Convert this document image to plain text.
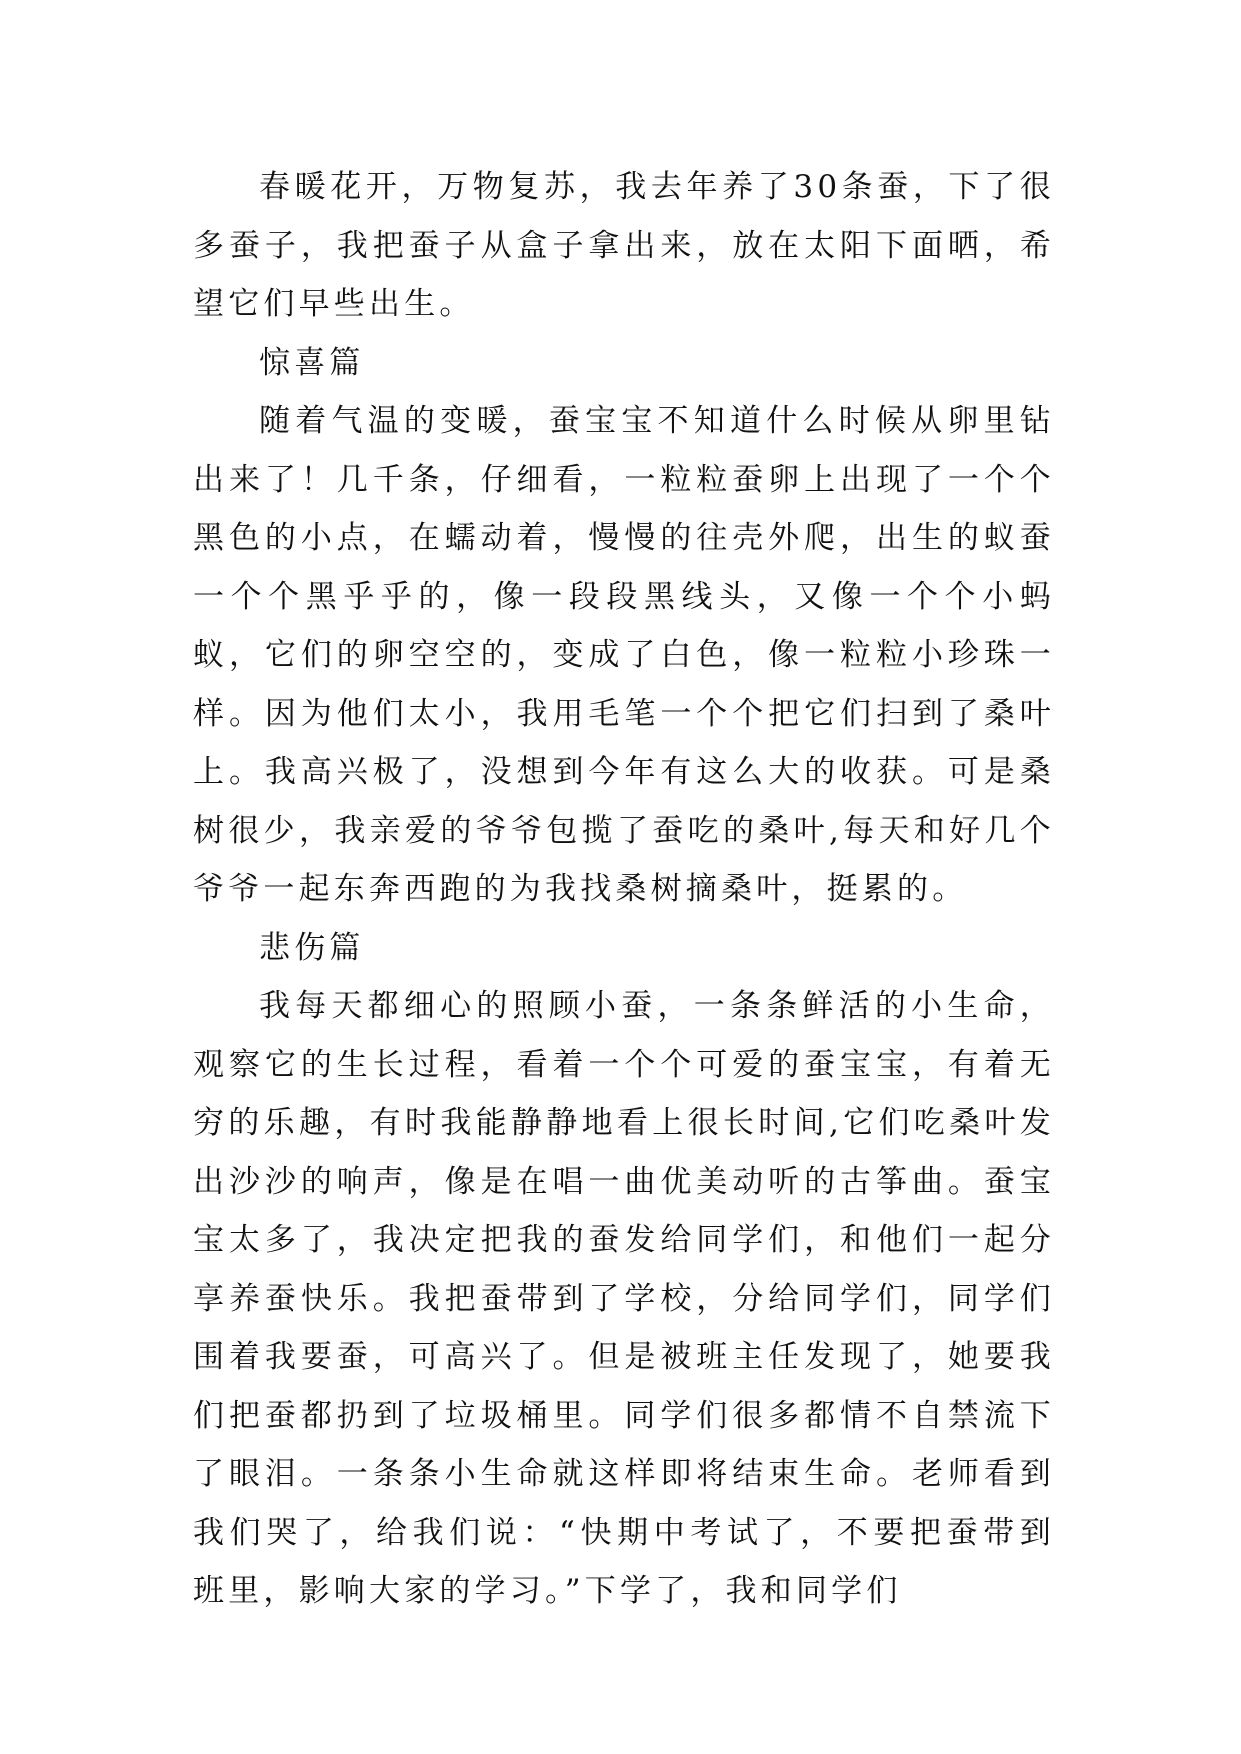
春暖花开，万物复苏，我去年养了30条蚕，下了很多蚕子，我把蚕子从盒子拿出来，放在太阳下面晒，希望它们早些出生。

惊喜篇

随着气温的变暖，蚕宝宝不知道什么时候从卵里钻出来了！几千条，仔细看，一粒粒蚕卵上出现了一个个黑色的小点，在蠕动着，慢慢的往壳外爬，出生的蚁蚕一个个黑乎乎的，像一段段黑线头，又像一个个小蚂蚁，它们的卵空空的，变成了白色，像一粒粒小珍珠一样。因为他们太小，我用毛笔一个个把它们扫到了桑叶上。我高兴极了，没想到今年有这么大的收获。可是桑树很少，我亲爱的爷爷包揽了蚕吃的桑叶,每天和好几个爷爷一起东奔西跑的为我找桑树摘桑叶，挺累的。

悲伤篇

我每天都细心的照顾小蚕，一条条鲜活的小生命，观察它的生长过程，看着一个个可爱的蚕宝宝，有着无穷的乐趣，有时我能静静地看上很长时间,它们吃桑叶发出沙沙的响声，像是在唱一曲优美动听的古筝曲。蚕宝宝太多了，我决定把我的蚕发给同学们，和他们一起分享养蚕快乐。我把蚕带到了学校，分给同学们，同学们围着我要蚕，可高兴了。但是被班主任发现了，她要我们把蚕都扔到了垃圾桶里。同学们很多都情不自禁流下了眼泪。一条条小生命就这样即将结束生命。老师看到我们哭了，给我们说：“快期中考试了，不要把蚕带到班里，影响大家的学习。”下学了，我和同学们
